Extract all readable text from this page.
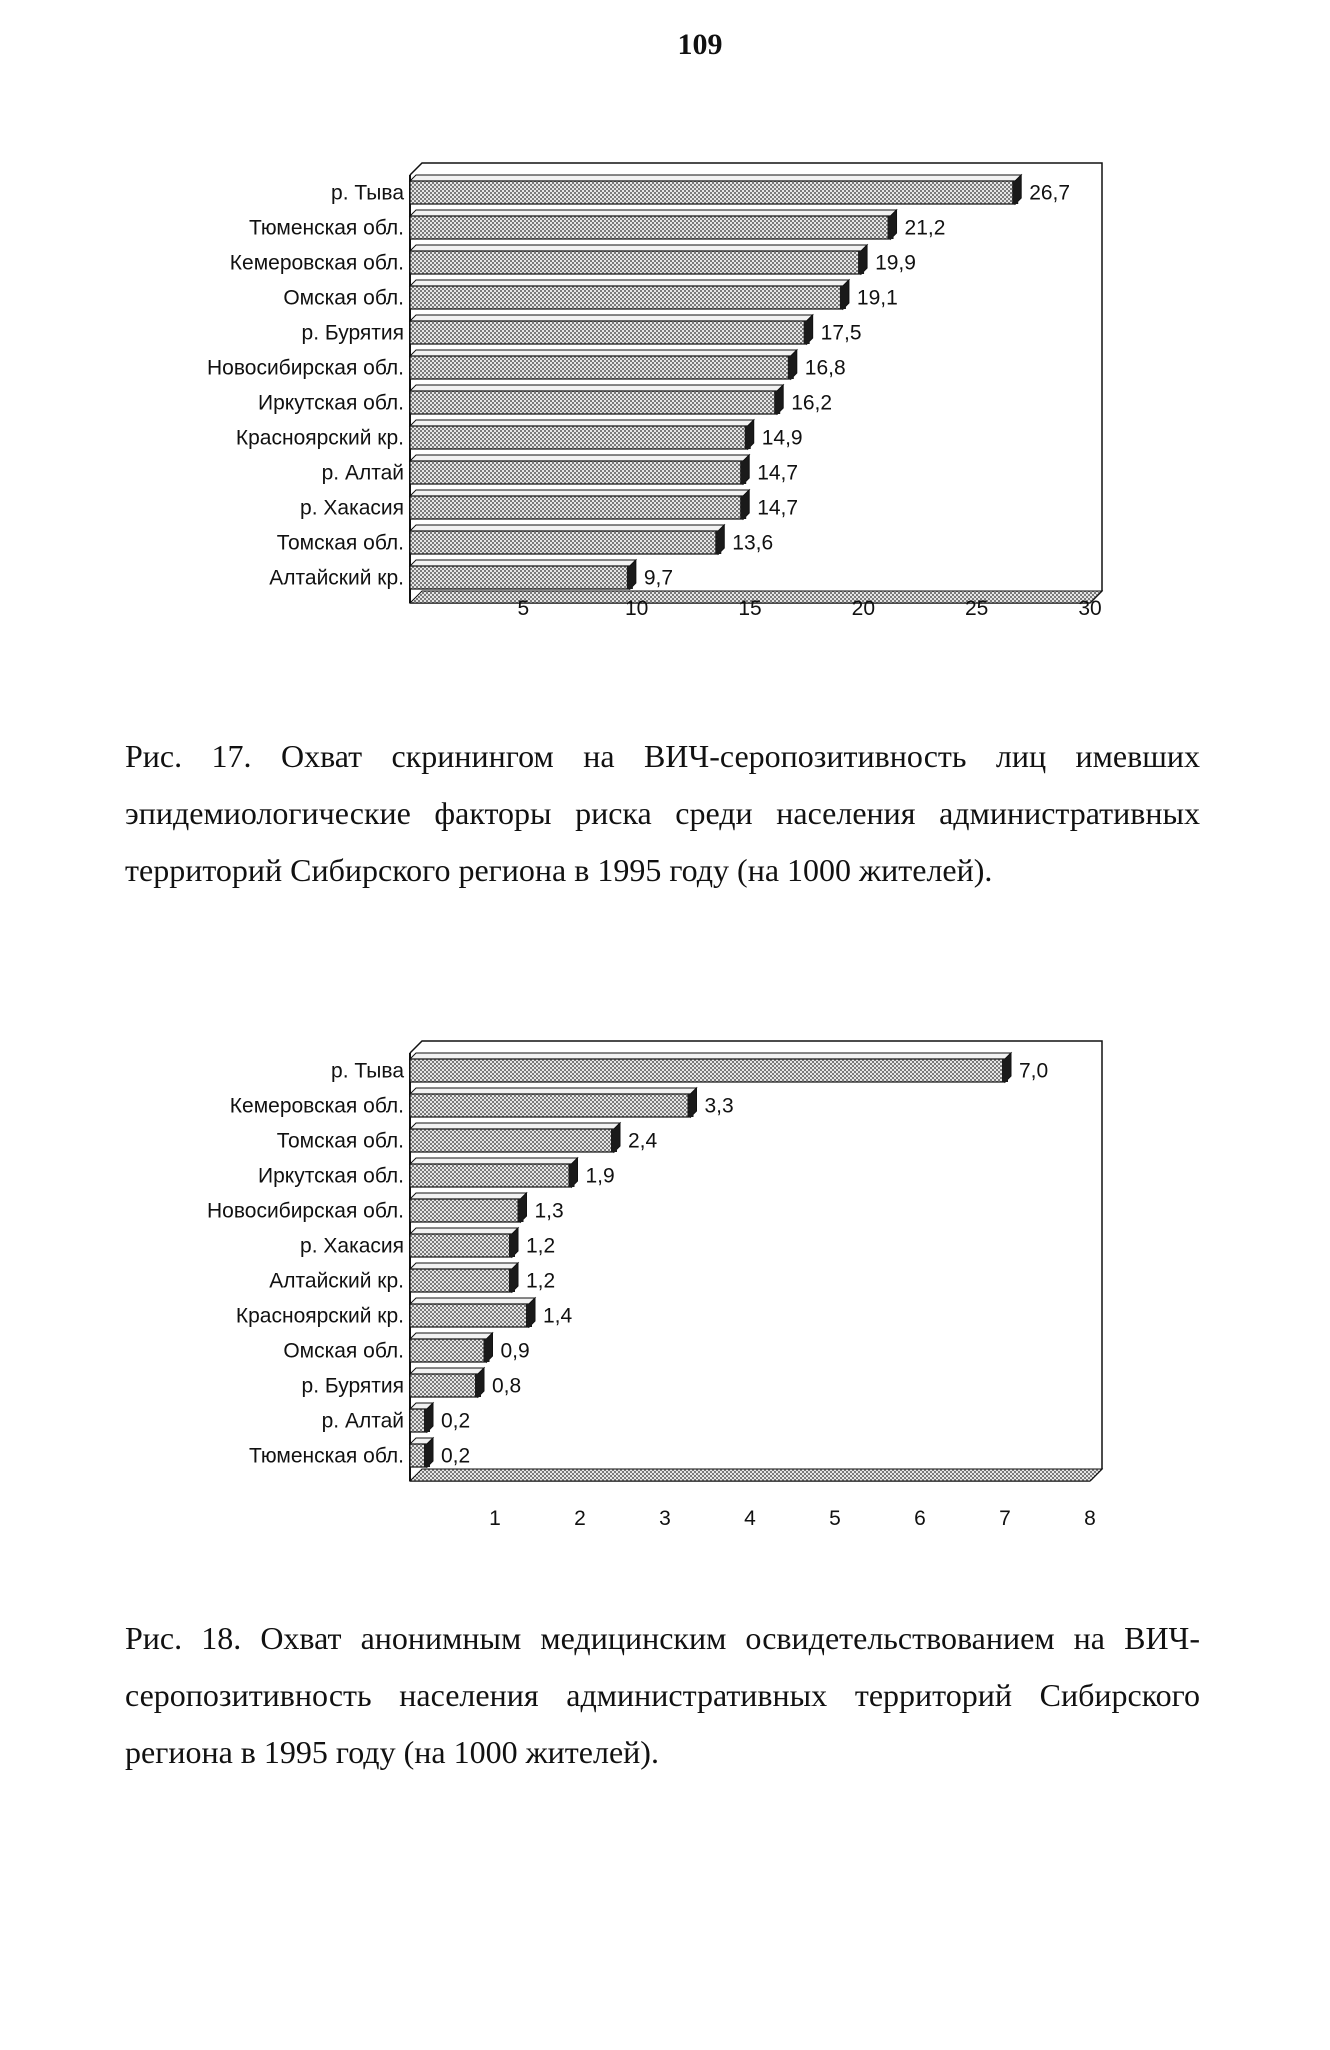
109
р. Тыва	26,7
Тюменская обл.	21,2
Кемеровская обл.	19,9
Омская обл.	19,1
р. Бурятия	17,5
Новосибирская обл.	16,8
Иркутская обл.	16,2
Красноярский кр.	14,9
р. Алтай	14,7
р. Хакасия	14,7
Томская обл.	13,6
Алтайский кр.	9,7
5	10	15	20	25	30
Рис. 17. Охват скринингом на ВИЧ-серопозитивность лиц имевших эпидемиологические факторы риска среди населения административных территорий Сибирского региона в 1995 году (на 1000 жителей).
р. Тыва	7,0
Кемеровская обл.	3,3
Томская обл.	2,4
Иркутская обл.	1,9
Новосибирская обл.	1,3
р. Хакасия	1,2
Алтайский кр.	1,2
Красноярский кр.	1,4
Омская обл.	0,9
р. Бурятия	0,8
р. Алтай 0,2
Тюменская обл. 0,2
1	2	3	4	5	6	7	8
Рис. 18. Охват анонимным медицинским освидетельствованием на ВИЧ-серопозитивность населения административных территорий Сибирского региона в 1995 году (на 1000 жителей).
